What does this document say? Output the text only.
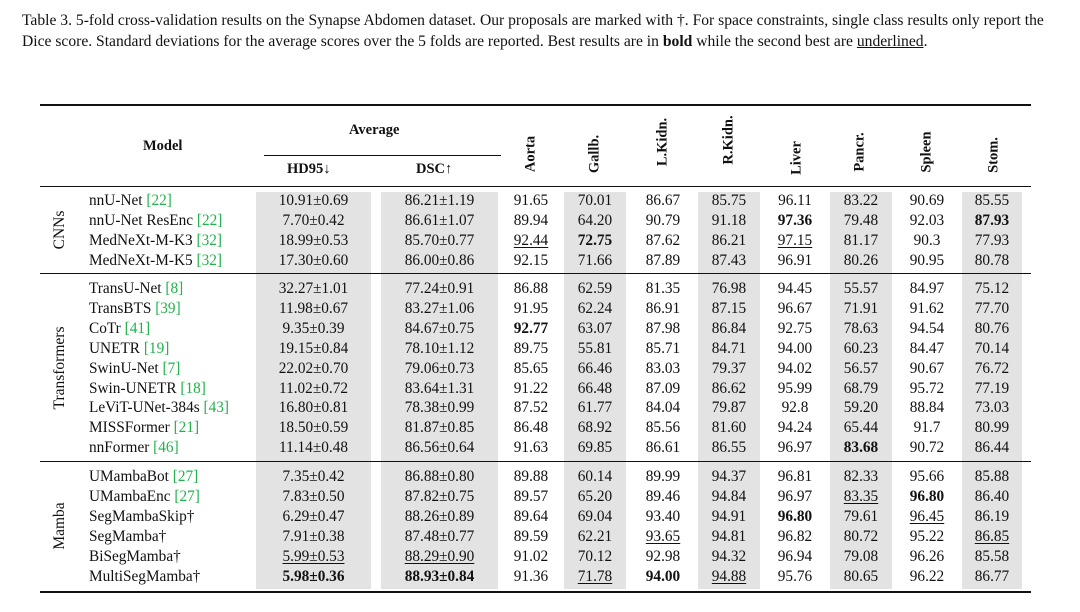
Table 3. 5-fold cross-validation results on the Synapse Abdomen dataset. Our proposals are marked with †. For space constraints, single class results only report the Dice score. Standard deviations for the average scores over the 5 folds are reported. Best results are in bold while the second best are underlined.
Model
Average
HD95↓	DSC↑	Aorta	Gallb.	L.Kidn.	R.Kidn.	Liver	Pancr.	Spleen	Stom.
CNNs
Transformers
Mamba
nnU-Net [22]	10.91±0.69	86.21±1.19	91.65	70.01	86.67	85.75	96.11	83.22	90.69	85.55
nnU-Net ResEnc [22]	7.70±0.42	86.61±1.07	89.94	64.20	90.79	91.18	97.36	79.48	92.03	87.93
MedNeXt-M-K3 [32]	18.99±0.53	85.70±0.77	92.44	72.75	87.62	86.21	97.15	81.17	90.3	77.93
MedNeXt-M-K5 [32]	17.30±0.60	86.00±0.86	92.15	71.66	87.89	87.43	96.91	80.26	90.95	80.78
TransU-Net [8]	32.27±1.01	77.24±0.91	86.88	62.59	81.35	76.98	94.45	55.57	84.97	75.12
TransBTS [39]	11.98±0.67	83.27±1.06	91.95	62.24	86.91	87.15	96.67	71.91	91.62	77.70
CoTr [41]	9.35±0.39	84.67±0.75	92.77	63.07	87.98	86.84	92.75	78.63	94.54	80.76
UNETR [19]	19.15±0.84	78.10±1.12	89.75	55.81	85.71	84.71	94.00	60.23	84.47	70.14
SwinU-Net [7]	22.02±0.70	79.06±0.73	85.65	66.46	83.03	79.37	94.02	56.57	90.67	76.72
Swin-UNETR [18]	11.02±0.72	83.64±1.31	91.22	66.48	87.09	86.62	95.99	68.79	95.72	77.19
LeViT-UNet-384s [43]	16.80±0.81	78.38±0.99	87.52	61.77	84.04	79.87	92.8	59.20	88.84	73.03
MISSFormer [21]	18.50±0.59	81.87±0.85	86.48	68.92	85.56	81.60	94.24	65.44	91.7	80.99
nnFormer [46]	11.14±0.48	86.56±0.64	91.63	69.85	86.61	86.55	96.97	83.68	90.72	86.44
UMambaBot [27]	7.35±0.42	86.88±0.80	89.88	60.14	89.99	94.37	96.81	82.33	95.66	85.88
UMambaEnc [27]	7.83±0.50	87.82±0.75	89.57	65.20	89.46	94.84	96.97	83.35	96.80	86.40
SegMambaSkip†	6.29±0.47	88.26±0.89	89.64	69.04	93.40	94.91	96.80	79.61	96.45	86.19
SegMamba†	7.91±0.38	87.48±0.77	89.59	62.21	93.65	94.81	96.82	80.72	95.22	86.85
BiSegMamba†	5.99±0.53	88.29±0.90	91.02	70.12	92.98	94.32	96.94	79.08	96.26	85.58
MultiSegMamba†	5.98±0.36	88.93±0.84	91.36	71.78	94.00	94.88	95.76	80.65	96.22	86.77
